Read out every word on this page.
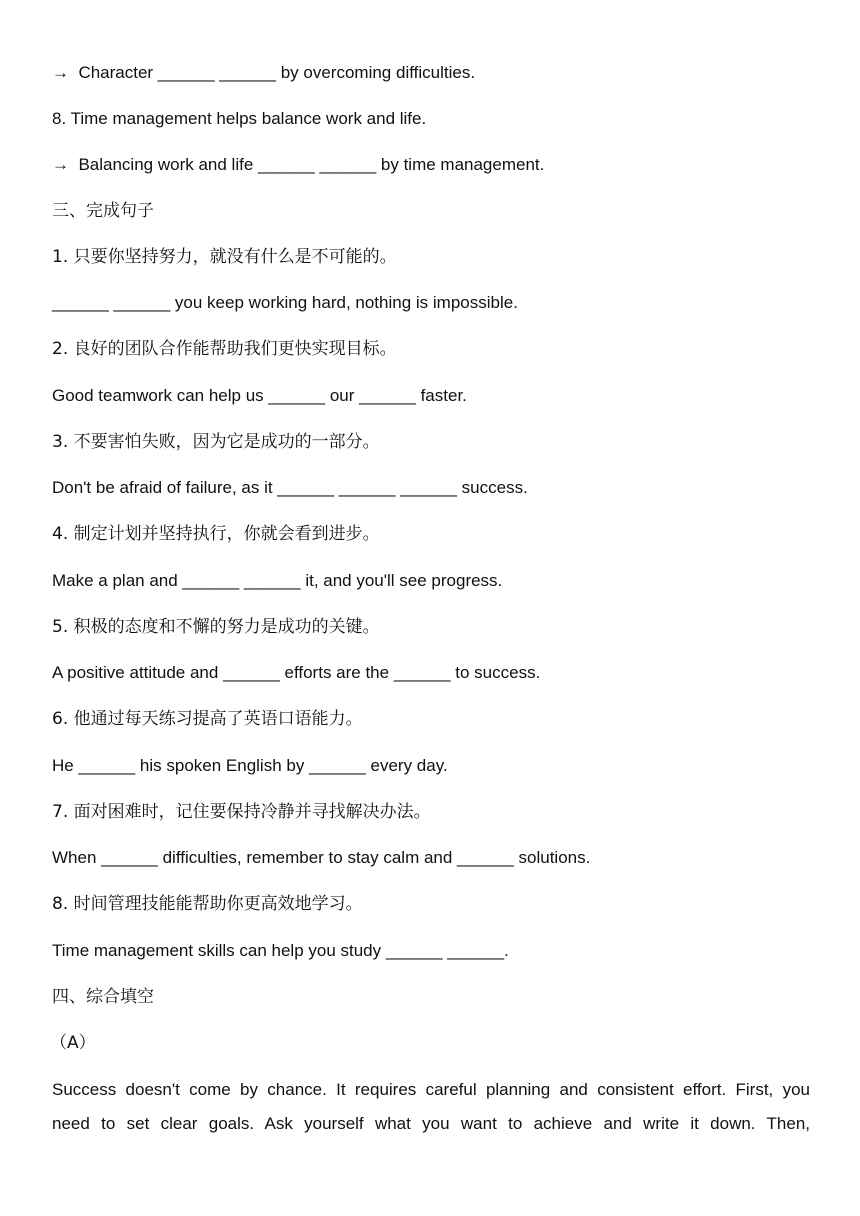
→  Character ______ ______ by overcoming difficulties.
8. Time management helps balance work and life.
→  Balancing work and life ______ ______ by time management.
三、完成句子
1. 只要你坚持努力，就没有什么是不可能的。
______ ______ you keep working hard, nothing is impossible.
2. 良好的团队合作能帮助我们更快实现目标。
Good teamwork can help us ______ our ______ faster.
3. 不要害怕失败，因为它是成功的一部分。
Don't be afraid of failure, as it ______ ______ ______ success.
4. 制定计划并坚持执行，你就会看到进步。
Make a plan and ______ ______ it, and you'll see progress.
5. 积极的态度和不懈的努力是成功的关键。
A positive attitude and ______ efforts are the ______ to success.
6. 他通过每天练习提高了英语口语能力。
He ______ his spoken English by ______ every day.
7. 面对困难时，记住要保持冷静并寻找解决办法。
When ______ difficulties, remember to stay calm and ______ solutions.
8. 时间管理技能能帮助你更高效地学习。
Time management skills can help you study ______ ______.
四、综合填空
（A）
Success doesn't come by chance. It requires careful planning and consistent effort. First, you
need to set clear goals. Ask yourself what you want to achieve and write it down. Then,
